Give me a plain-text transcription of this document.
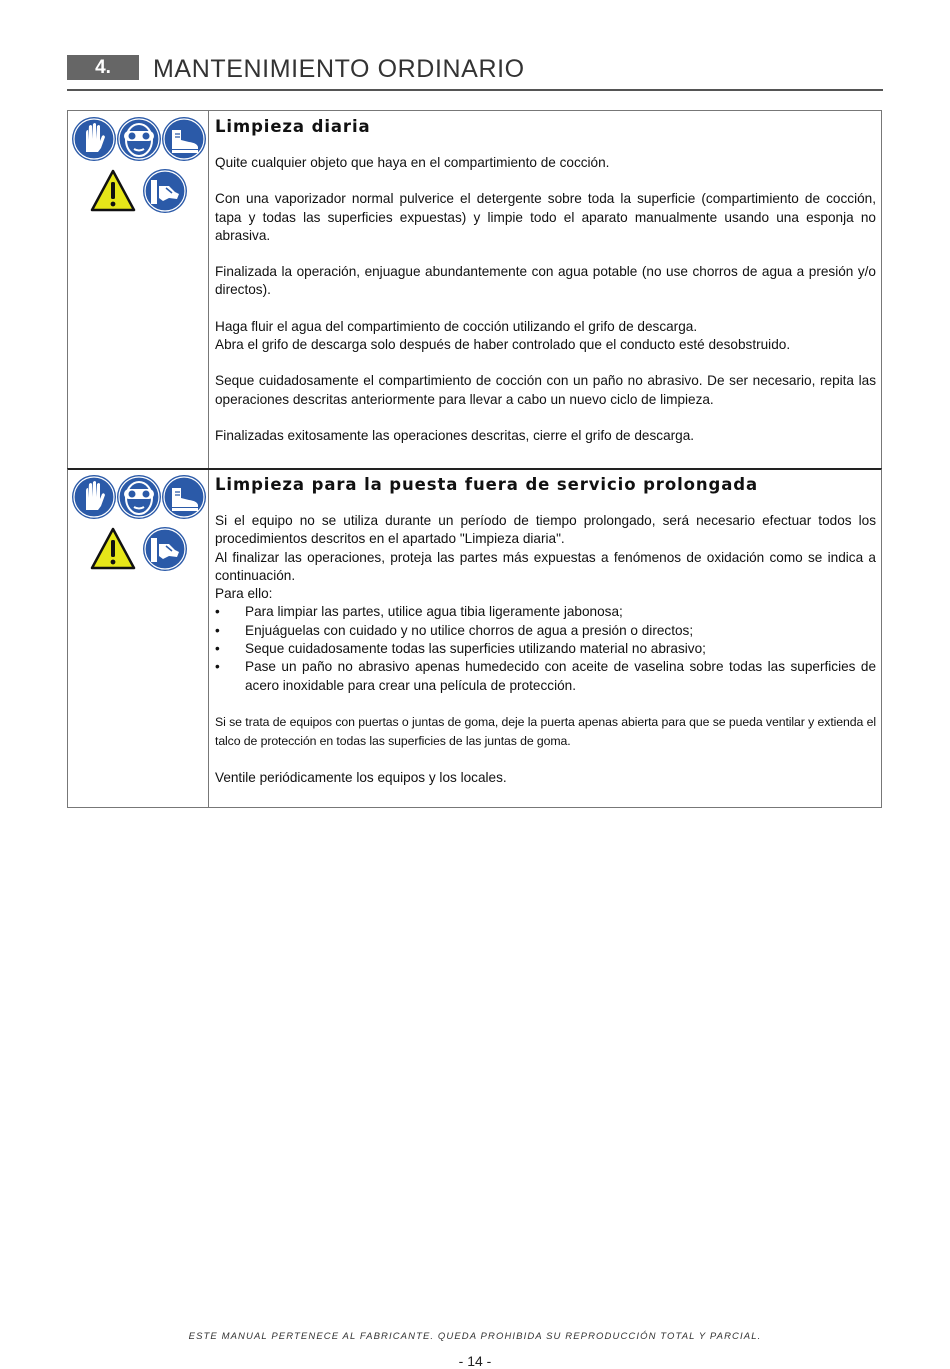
4.	MANTENIMIENTO ORDINARIO
Limpieza diaria

Quite cualquier objeto que haya en el compartimiento de cocción.

Con una vaporizador normal pulverice el detergente sobre toda la superficie (compartimiento de cocción, tapa y todas las superficies expuestas) y limpie todo el aparato manualmente usando una esponja no abrasiva.

Finalizada la operación, enjuague abundantemente con agua potable (no use chorros de agua a presión y/o directos).

Haga fluir el agua del compartimiento de cocción utilizando el grifo de descarga.

Abra el grifo de descarga solo después de haber controlado que el conducto esté desobstruido.

Seque cuidadosamente el compartimiento de cocción con un paño no abrasivo. De ser necesario, repita las operaciones descritas anteriormente para llevar a cabo un nuevo ciclo de limpieza.

Finalizadas exitosamente las operaciones descritas, cierre el grifo de descarga.

Limpieza para la puesta fuera de servicio prolongada

Si el equipo no se utiliza durante un período de tiempo prolongado, será necesario efectuar todos los procedimientos descritos en el apartado "Limpieza diaria".

Al finalizar las operaciones, proteja las partes más expuestas a fenómenos de oxidación como se indica a continuación.

Para ello:

• Para limpiar las partes, utilice agua tibia ligeramente jabonosa;
• Enjuáguelas con cuidado y no utilice chorros de agua a presión o directos;
• Seque cuidadosamente todas las superficies utilizando material no abrasivo;
• Pase un paño no abrasivo apenas humedecido con aceite de vaselina sobre todas las superficies de acero inoxidable para crear una película de protección.

Si se trata de equipos con puertas o juntas de goma, deje la puerta apenas abierta para que se pueda ventilar y extienda el talco de protección en todas las superficies de las juntas de goma.

Ventile periódicamente los equipos y los locales.

ESTE MANUAL PERTENECE AL FABRICANTE. QUEDA PROHIBIDA SU REPRODUCCIÓN TOTAL Y PARCIAL.
- 14 -
